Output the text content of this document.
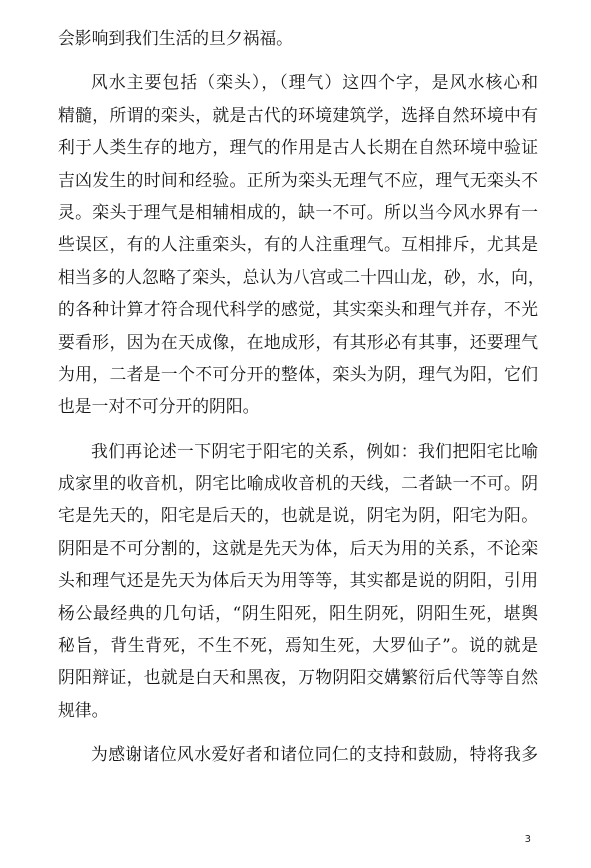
会影响到我们生活的旦夕祸福。
风水主要包括（栾头），（理气）这四个字，是风水核心和
精髓，所谓的栾头，就是古代的环境建筑学，选择自然环境中有
利于人类生存的地方，理气的作用是古人长期在自然环境中验证
吉凶发生的时间和经验。正所为栾头无理气不应，理气无栾头不
灵。栾头于理气是相辅相成的，缺一不可。所以当今风水界有一
些误区，有的人注重栾头，有的人注重理气。互相排斥，尤其是
相当多的人忽略了栾头，总认为八宫或二十四山龙，砂，水，向，
的各种计算才符合现代科学的感觉，其实栾头和理气并存，不光
要看形，因为在天成像，在地成形，有其形必有其事，还要理气
为用，二者是一个不可分开的整体，栾头为阴，理气为阳，它们
也是一对不可分开的阴阳。
我们再论述一下阴宅于阳宅的关系，例如：我们把阳宅比喻
成家里的收音机，阴宅比喻成收音机的天线，二者缺一不可。阴
宅是先天的，阳宅是后天的，也就是说，阴宅为阴，阳宅为阳。
阴阳是不可分割的，这就是先天为体，后天为用的关系，不论栾
头和理气还是先天为体后天为用等等，其实都是说的阴阳，引用
杨公最经典的几句话，“阴生阳死，阳生阴死，阴阳生死，堪舆
秘旨，背生背死，不生不死，焉知生死，大罗仙子”。说的就是
阴阳辩证，也就是白天和黑夜，万物阴阳交媾繁衍后代等等自然
规律。
为感谢诸位风水爱好者和诸位同仁的支持和鼓励，特将我多
3
